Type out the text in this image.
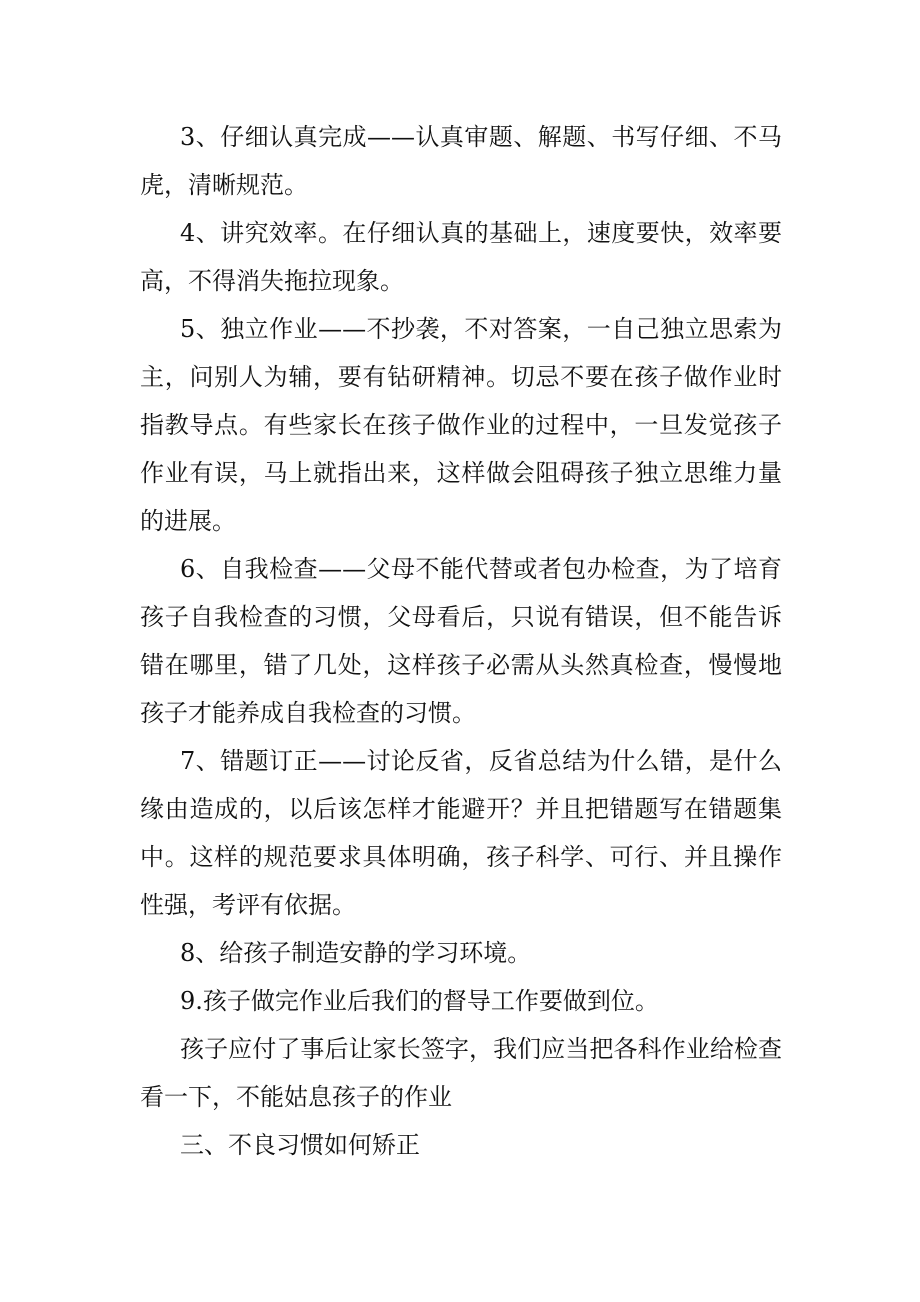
3、仔细认真完成——认真审题、解题、书写仔细、不马虎，清晰规范。

4、讲究效率。在仔细认真的基础上，速度要快，效率要高，不得消失拖拉现象。

5、独立作业——不抄袭，不对答案，一自己独立思索为主，问别人为辅，要有钻研精神。切忌不要在孩子做作业时指教导点。有些家长在孩子做作业的过程中，一旦发觉孩子作业有误，马上就指出来，这样做会阻碍孩子独立思维力量的进展。

6、自我检查——父母不能代替或者包办检查，为了培育孩子自我检查的习惯，父母看后，只说有错误，但不能告诉错在哪里，错了几处，这样孩子必需从头然真检查，慢慢地孩子才能养成自我检查的习惯。

7、错题订正——讨论反省，反省总结为什么错，是什么缘由造成的，以后该怎样才能避开？并且把错题写在错题集中。这样的规范要求具体明确，孩子科学、可行、并且操作性强，考评有依据。

8、给孩子制造安静的学习环境。

9.孩子做完作业后我们的督导工作要做到位。

孩子应付了事后让家长签字，我们应当把各科作业给检查看一下，不能姑息孩子的作业

三、不良习惯如何矫正
